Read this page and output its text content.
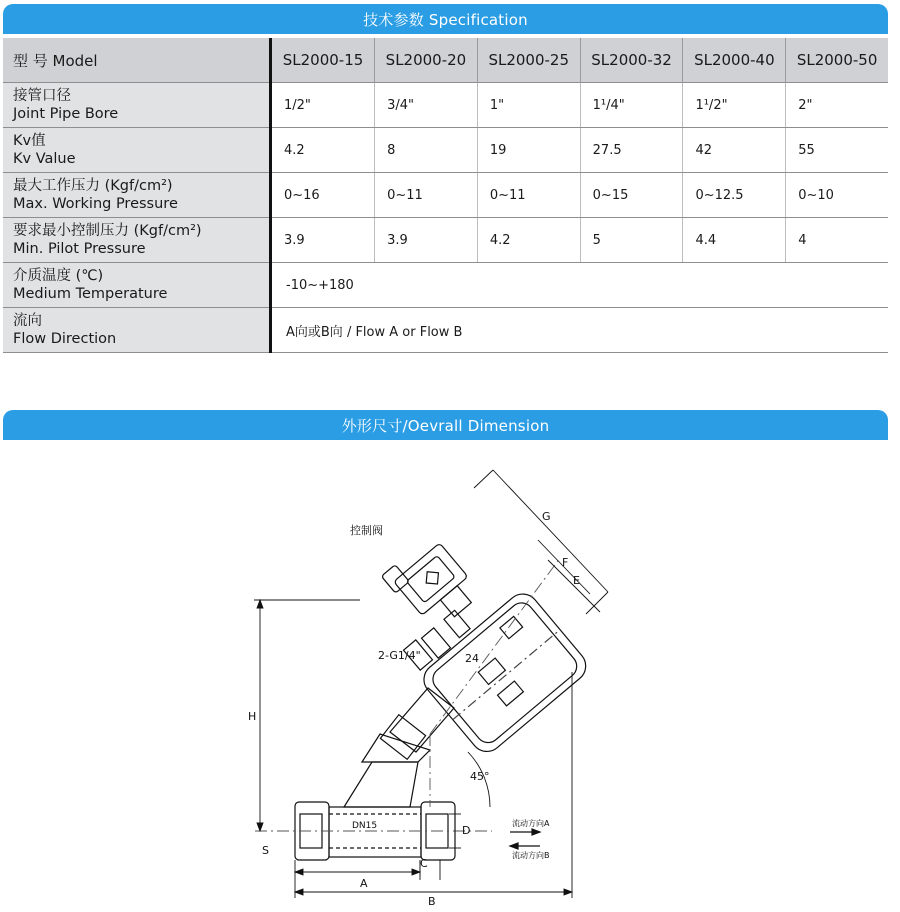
技术参数 Specification
型 号 Model	SL2000-15	SL2000-20	SL2000-25	SL2000-32	SL2000-40	SL2000-50

接管口径
Joint Pipe Bore	1/2"	3/4"	1"	1¹/4"	1¹/2"	2"

Kv值
Kv Value	4.2	8	19	27.5	42	55

最大工作压力 (Kgf/cm²)
Max. Working Pressure	0~16	0~11	0~11	0~15	0~12.5	0~10

要求最小控制压力 (Kgf/cm²)
Min. Pilot Pressure	3.9	3.9	4.2	5	4.4	4

介质温度 (℃)
Medium Temperature	-10~+180					

流向
Flow Direction	A向或B向 / Flow A or Flow B					
外形尺寸/Oevrall Dimension
控制阀
2-G1/4"
G
F
E
H
24
45°
DN15	D
S
A
B
C
流动方向A
流动方向B
